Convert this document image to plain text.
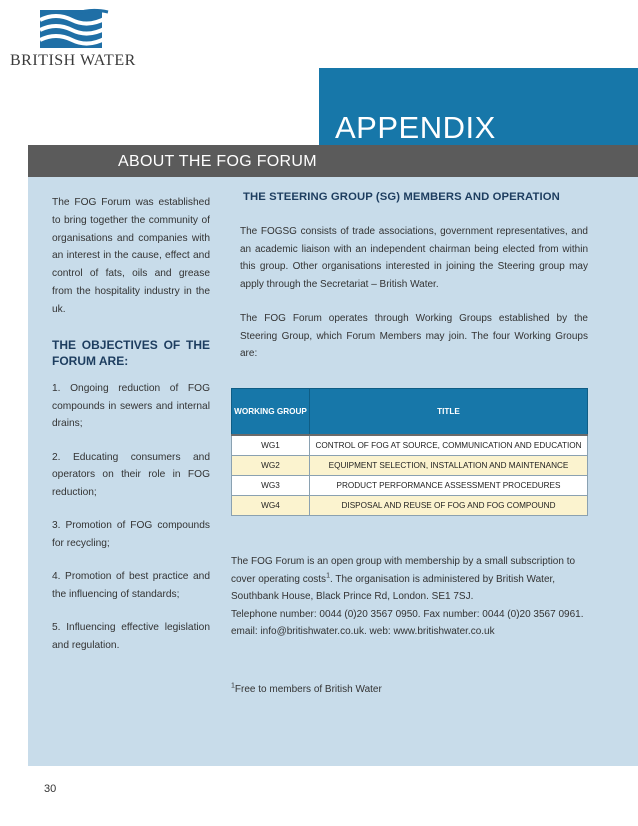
BRITISH WATER
APPENDIX
ABOUT THE FOG FORUM

The FOG Forum was established to bring together the community of organisations and companies with an interest in the cause, effect and control of fats, oils and grease from the hospitality industry in the uk.

THE OBJECTIVES OF THE FORUM ARE:
1. Ongoing reduction of FOG compounds in sewers and internal drains;
2. Educating consumers and operators on their role in FOG reduction;
3. Promotion of FOG compounds for recycling;
4. Promotion of best practice and the influencing of standards;
5. Influencing effective legislation and regulation.
THE STEERING GROUP (SG) MEMBERS AND OPERATION

The FOGSG consists of trade associations, government representatives, and an academic liaison with an independent chairman being elected from within this group. Other organisations interested in joining the Steering group may apply through the Secretariat – British Water.

The FOG Forum operates through Working Groups established by the Steering Group, which Forum Members may join. The four Working Groups are:

WORKING GROUP	TITLE
WG1	CONTROL OF FOG AT SOURCE, COMMUNICATION AND EDUCATION
WG2	EQUIPMENT SELECTION, INSTALLATION AND MAINTENANCE
WG3	PRODUCT PERFORMANCE ASSESSMENT PROCEDURES
WG4	DISPOSAL AND REUSE OF FOG AND FOG COMPOUND
The FOG Forum is an open group with membership by a small subscription to cover operating costs$^1$. The organisation is administered by British Water, Southbank House, Black Prince Rd, London. SE1 7SJ.
Telephone number: 0044 (0)20 3567 0950. Fax number: 0044 (0)20 3567 0961. email: info@britishwater.co.uk. web: www.britishwater.co.uk
$^1$Free to members of British Water
30
